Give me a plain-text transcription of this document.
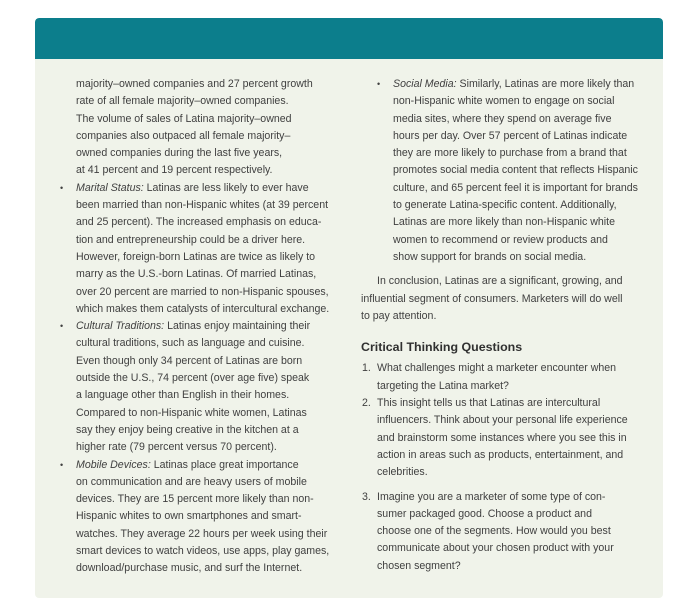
majority–owned companies and 27 percent growth
rate of all female majority–owned companies.
The volume of sales of Latina majority–owned
companies also outpaced all female majority–
owned companies during the last five years,
at 41 percent and 19 percent respectively.
• Marital Status: Latinas are less likely to ever have
been married than non-Hispanic whites (at 39 percent
and 25 percent). The increased emphasis on educa-
tion and entrepreneurship could be a driver here.
However, foreign-born Latinas are twice as likely to
marry as the U.S.-born Latinas. Of married Latinas,
over 20 percent are married to non-Hispanic spouses,
which makes them catalysts of intercultural exchange.
• Cultural Traditions: Latinas enjoy maintaining their
cultural traditions, such as language and cuisine.
Even though only 34 percent of Latinas are born
outside the U.S., 74 percent (over age five) speak
a language other than English in their homes.
Compared to non-Hispanic white women, Latinas
say they enjoy being creative in the kitchen at a
higher rate (79 percent versus 70 percent).
• Mobile Devices: Latinas place great importance
on communication and are heavy users of mobile
devices. They are 15 percent more likely than non-
Hispanic whites to own smartphones and smart-
watches. They average 22 hours per week using their
smart devices to watch videos, use apps, play games,
download/purchase music, and surf the Internet.
• Social Media: Similarly, Latinas are more likely than
non-Hispanic white women to engage on social
media sites, where they spend on average five
hours per day. Over 57 percent of Latinas indicate
they are more likely to purchase from a brand that
promotes social media content that reflects Hispanic
culture, and 65 percent feel it is important for brands
to generate Latina-specific content. Additionally,
Latinas are more likely than non-Hispanic white
women to recommend or review products and
show support for brands on social media.
In conclusion, Latinas are a significant, growing, and
influential segment of consumers. Marketers will do well
to pay attention.
Critical Thinking Questions
1. What challenges might a marketer encounter when
targeting the Latina market?
2. This insight tells us that Latinas are intercultural
influencers. Think about your personal life experience
and brainstorm some instances where you see this in
action in areas such as products, entertainment, and
celebrities.
3. Imagine you are a marketer of some type of con-
sumer packaged good. Choose a product and
choose one of the segments. How would you best
communicate about your chosen product with your
chosen segment?
